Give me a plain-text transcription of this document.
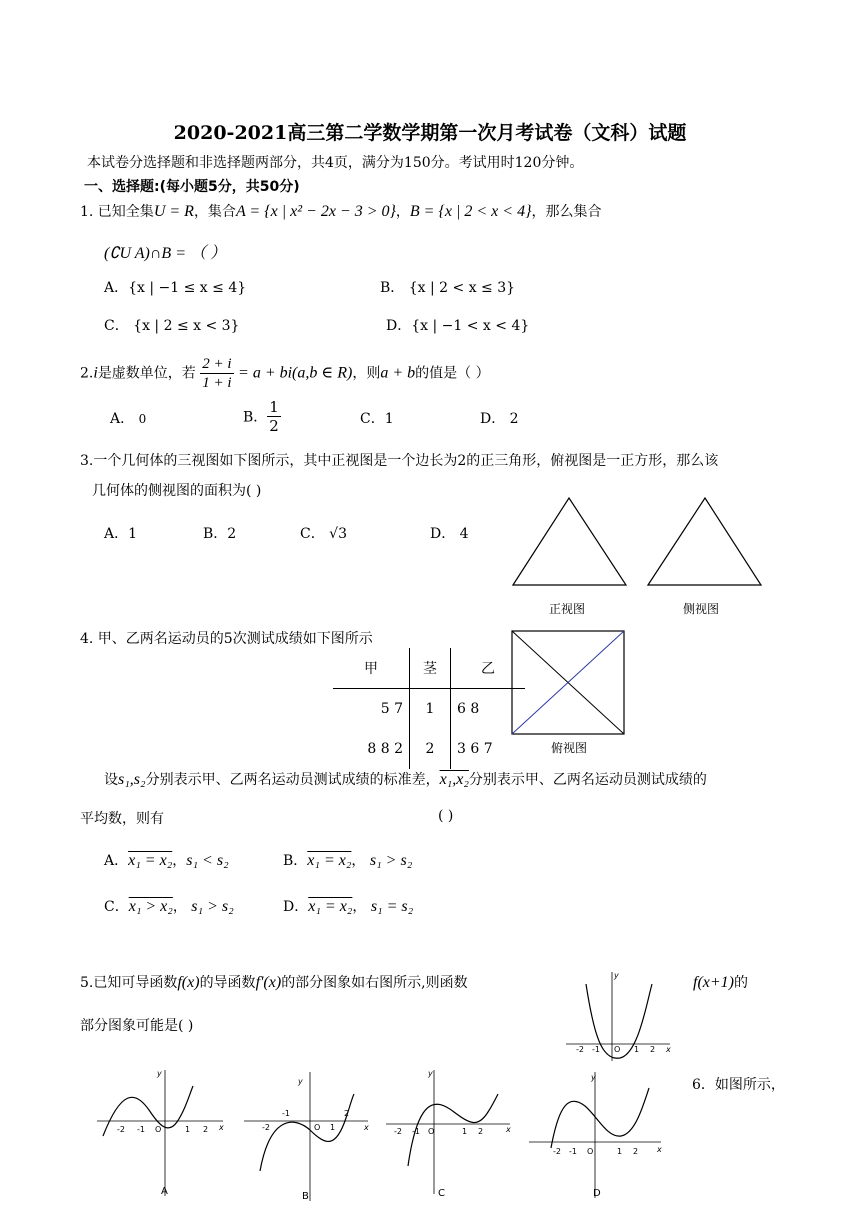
2020-2021高三第二学数学期第一次月考试卷（文科）试题
本试卷分选择题和非选择题两部分，共4页，满分为150分。考试用时120分钟。
一、选择题:(每小题5分，共50分)
1. 已知全集U = R，集合A = {x | x² − 2x − 3 > 0}，B = {x | 2 < x < 4}，那么集合
(∁U A)∩B = （ ）
A．{x | −1 ≤ x ≤ 4}	B． {x | 2 < x ≤ 3}
C． {x | 2 ≤ x < 3}	D．{x | −1 < x < 4}
2.i是虚数单位，若 $\frac{2 + i}{1 + i} = a + bi(a,b$ ∈ R)，则a + b的值是（ ）
A． 0	B． $\frac{1}{2}$	C．1	D． 2
3.一个几何体的三视图如下图所示，其中正视图是一个边长为2的正三角形，俯视图是一正方形，那么该
几何体的侧视图的面积为( )
A．1	B．2	C． √3	D． 4
正视图	侧视图
4. 甲、乙两名运动员的5次测试成绩如下图所示
甲	茎	乙
5 7	1	6 8
8 8 2	2	3 6 7	俯视图
设s₁,s₂分别表示甲、乙两名运动员测试成绩的标准差，x₁,x₂分别表示甲、乙两名运动员测试成绩的
平均数，则有	( )
A．x₁ = x₂，s₁ < s₂	B．x₁ = x₂， s₁ > s₂
C．x₁ > x₂， s₁ > s₂	D．x₁ = x₂， s₁ = s₂
5.已知可导函数f(x)的导函数f'(x)的部分图象如右图所示,则函数	f(x+1)的
部分图象可能是( )
y
x
-2 -1 O 1 2
y
x
-2 -1 O	1 2
A
y
x
-2
-1
O 1
2
B
y
x
-2 -1 O	1 2
C
y
x
-2 -1 O	1 2
D
6．如图所示，
